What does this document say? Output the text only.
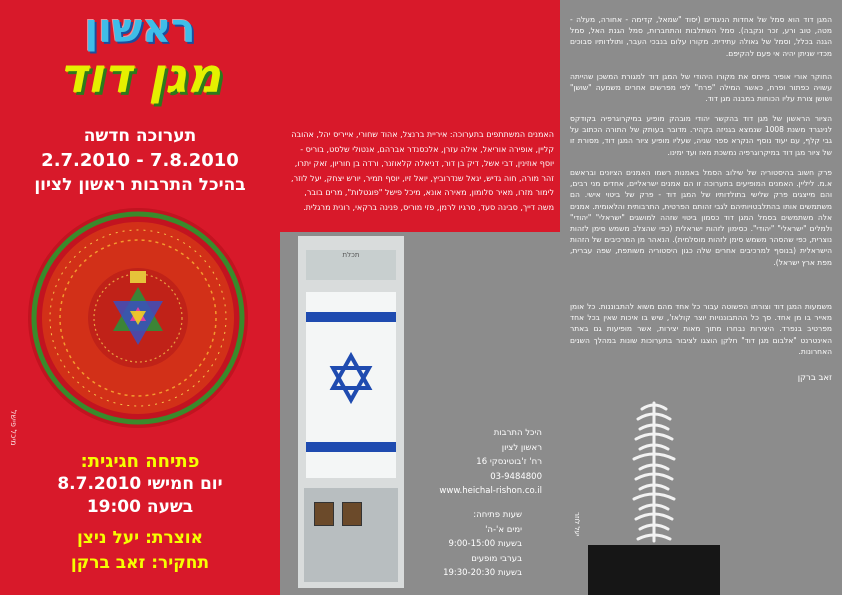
ראשון
מגן דוד
תערוכה חדשה
2.7.2010 - 7.8.2010
בהיכל התרבות ראשון לציון
מיכל פישל
פתיחה חגיגית:
יום חמישי 8.7.2010
בשעה 19:00
אוצרת: יעל ניצן
תחקיר: זאב ברקן
האמנים המשתתפים בתערוכה: איריית ברנצל, אהוד שחורי, אייריס יהל, אהובה קליין, אופירה אוריאל, אילה עזרן, אלכסנדר אברהם, אנטולי שלסט, בוריס - יוסף אוזינין, דבי אשל, דיק בן דור, דניאלה קלאוזנר, ורדה בן חוריון, זאק יתרו, זהר מורה, חוה גדיש, יגאל שנדרוביץ, יואל זיו, יוסף תמיר, יורש יצחק, יעל לוזר, לימור מזרו, מאיר סלומון, מאירה אונא, מיכל פישל "פוגטלות", מרים בובר, משה דייך, סבינה סעד, סרגיו לרמן, פזי מוריס, פנינה ברקאי, רונית מרגלית.
תכלת
היכל התרבות
ראשון לציון
רח' ז'בוטינסקי 16
03-9484800
www.heichal-rishon.co.il
שעות פתיחה:
ימים א'-ה'
בשעות 9:00-15:00
בערבי מופעים
בשעות 19:30-20:30
המגן דוד הוא סמל של אחדות הניגודים (יסוד "שמאל, קדימה - אחורה, מעלה - מטה, טוב ורע, זכר ונקבה). סמל השתלבות והתחברות, סמל הגנת האל, סמל הגנה בכלל, וסמל של גאולה עתידית. מקורו עלום בנבכי העבר, ותולדותיו סבוכים מכדי שניתן יהיה אי פעם להקיפם.
החוקר אורי אופיר מייחס את מקורו היהודי של המגן דוד למגורת המשכן שהייתה עשויה כפתור ופרח, כאשר המילה "פרח" לפי מפרשים אחרים משמעה "שושן" ושושן צורת עליו הכוחות במבנה מגן דוד.
הציור הראשון של מגן דוד בהקשר יהודי מובהק מופיע במיקרוגרפיה בקודקס לנינגרד משנת 1008 שנמצא בגניזה בקהיר. מדובר בעותק של התורה הכתוב על גבי קלף, עם יעוד נוסף הנקרא ספר שניה, שעליו מופיע ציור המגן דוד, מסורת זו של ציור מגן דוד במיקרוגרפיה נמשכת מאז ועד ימינו.
פרק חשוב בהיסטוריה של שילוב הסמל באמנות רשמו האמנים הציונים ובראשם א.מ. ליליין. האמנים המופיעים בתערוכה זו הם אמנים ישראליים, אחדים מני רבים, והם מייצגים פרק שלישי בתולדותיו של המגן דוד - פרק של ביטוי אישי. הם משתמשים אותו בהתלבטויותיהם לגבי זהותם הפרטית, התרבותית והלאומית. אמנים אלה משתמשים בסמל המגן דוד כסמון ביטוי שזהה למושגים "ישראלי" "יהודי" ולמלים "ישראלי" "יהודי". כסימון לזהות ישראלית (כפי שהצלב משמש סימן לזהות נוצרית, כפי שהסהר משמש סימן לזהות מוסלמית). הנאהר מן המרכיבים של הזהות הישראלית (בנוסף למרכיבים אחרים שלה כגון היסטוריה משותפת, שפה עברית, מפת ארץ ישראל).
משמעות המגן דוד וצורתו הפשוטה עבור כל אחד מהם משוא להתבוננות. כל אומן מאייר בו מן אחד. סך כל ההתבוננויות יוצר קולאז', שיש בו איכות שאין בכל אחד מפרטיב בנפרד. היצירות נבחרו מתוך מאות יצירות, אשר מופיעות גם באתר האינטרנט "אלבום מגן דוד" חלקן הוצגו לציבור בתערוכות שונות במהלך השנים האחרונות.
זאב ברקן
יעל לוזר
